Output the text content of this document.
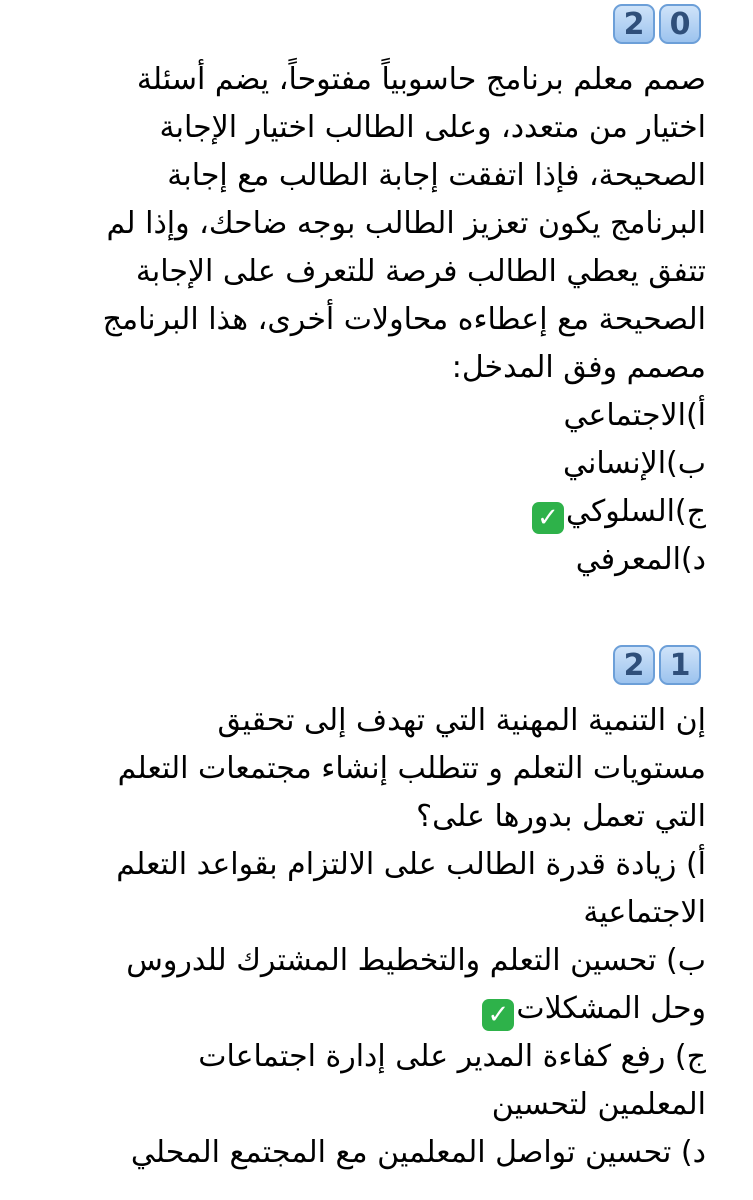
2 0
صمم معلم برنامج حاسوبياً مفتوحاً، يضم أسئلة
اختيار من متعدد، وعلى الطالب اختيار الإجابة
الصحيحة، فإذا اتفقت إجابة الطالب مع إجابة
البرنامج يكون تعزيز الطالب بوجه ضاحك، وإذا لم
تتفق يعطي الطالب فرصة للتعرف على الإجابة
الصحيحة مع إعطاءه محاولات أخرى، هذا البرنامج
مصمم وفق المدخل:
أ)الاجتماعي
ب)الإنساني
ج)السلوكي✓
د)المعرفي
2 1
إن التنمية المهنية التي تهدف إلى تحقيق
مستويات التعلم و تتطلب إنشاء مجتمعات التعلم
التي تعمل بدورها على؟
أ) زيادة قدرة الطالب على الالتزام بقواعد التعلم
الاجتماعية
ب) تحسين التعلم والتخطيط المشترك للدروس
وحل المشكلات✓
ج) رفع كفاءة المدير على إدارة اجتماعات
المعلمين لتحسين
د) تحسين تواصل المعلمين مع المجتمع المحلي
